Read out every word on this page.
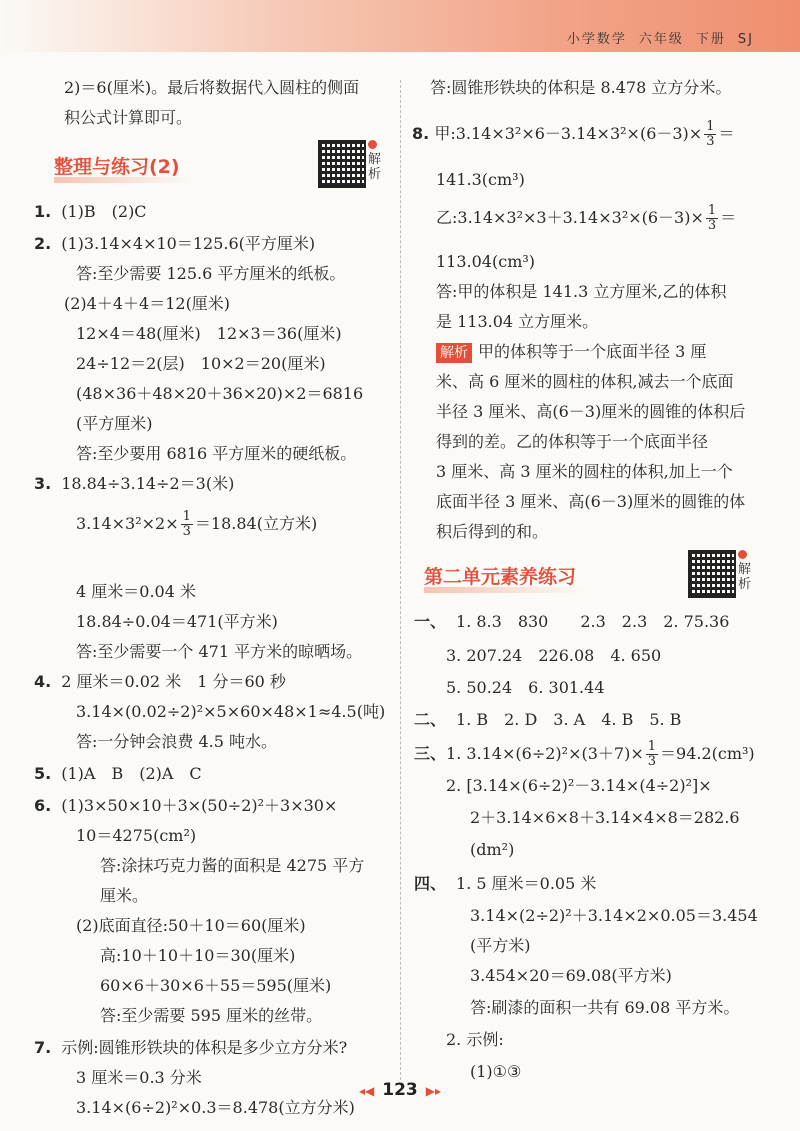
小学数学 六年级 下册 SJ
2)＝6(厘米)。最后将数据代入圆柱的侧面
积公式计算即可。
1. (1)B　(2)C
2. (1)3.14×4×10＝125.6(平方厘米)
答:至少需要 125.6 平方厘米的纸板。
(2)4＋4＋4＝12(厘米)
12×4＝48(厘米)　12×3＝36(厘米)
24÷12＝2(层)　10×2＝20(厘米)
(48×36＋48×20＋36×20)×2＝6816
(平方厘米)
答:至少要用 6816 平方厘米的硬纸板。
3. 18.84÷3.14÷2＝3(米)
4 厘米＝0.04 米
18.84÷0.04＝471(平方米)
答:至少需要一个 471 平方米的晾晒场。
4. 2 厘米＝0.02 米　1 分＝60 秒
3.14×(0.02÷2)²×5×60×48×1≈4.5(吨)
答:一分钟会浪费 4.5 吨水。
5. (1)A　B　(2)A　C
6. (1)3×50×10＋3×(50÷2)²＋3×30×
10＝4275(cm²)
答:涂抹巧克力酱的面积是 4275 平方
厘米。
(2)底面直径:50＋10＝60(厘米)
高:10＋10＋10＝30(厘米)
60×6＋30×6＋55＝595(厘米)
答:至少需要 595 厘米的丝带。
7. 示例:圆锥形铁块的体积是多少立方分米?
3 厘米＝0.3 分米
3.14×(6÷2)²×0.3＝8.478(立方分米)
答:圆锥形铁块的体积是 8.478 立方分米。
141.3(cm³)
113.04(cm³)
答:甲的体积是 141.3 立方厘米,乙的体积
是 113.04 立方厘米。
米、高 6 厘米的圆柱的体积,减去一个底面
半径 3 厘米、高(6－3)厘米的圆锥的体积后
得到的差。乙的体积等于一个底面半径
3 厘米、高 3 厘米的圆柱的体积,加上一个
底面半径 3 厘米、高(6－3)厘米的圆锥的体
积后得到的和。
一、 1. 8.3　830　　2.3　2.3　2. 75.36
3. 207.24　226.08　4. 650
5. 50.24　6. 301.44
二、 1. B　2. D　3. A　4. B　5. B
2. [3.14×(6÷2)²－3.14×(4÷2)²]×
2＋3.14×6×8＋3.14×4×8＝282.6
(dm²)
四、 1. 5 厘米＝0.05 米
3.14×(2÷2)²＋3.14×2×0.05＝3.454
(平方米)
3.454×20＝69.08(平方米)
答:刷漆的面积一共有 69.08 平方米。
2. 示例:
(1)①③
整理与练习(2)	解析
$3.14\times 3^2\times 2\times \frac{1}{3} =18.84$(立方米)
8. 甲:3.14×3²×6－3.14×3²×(6－3)× $\frac{1}{3}$ ＝
乙:3.14×3²×3＋3.14×3²×(6－3)× $\frac{1}{3}$ ＝
解析 甲的体积等于一个底面半径 3 厘
第二单元素养练习	解析
三、1. $3.14\times(6\div 2)^2\times(3+7)\times \frac{1}{3} =94.2(cm^3)$
◂◀ 123 ▶▸
